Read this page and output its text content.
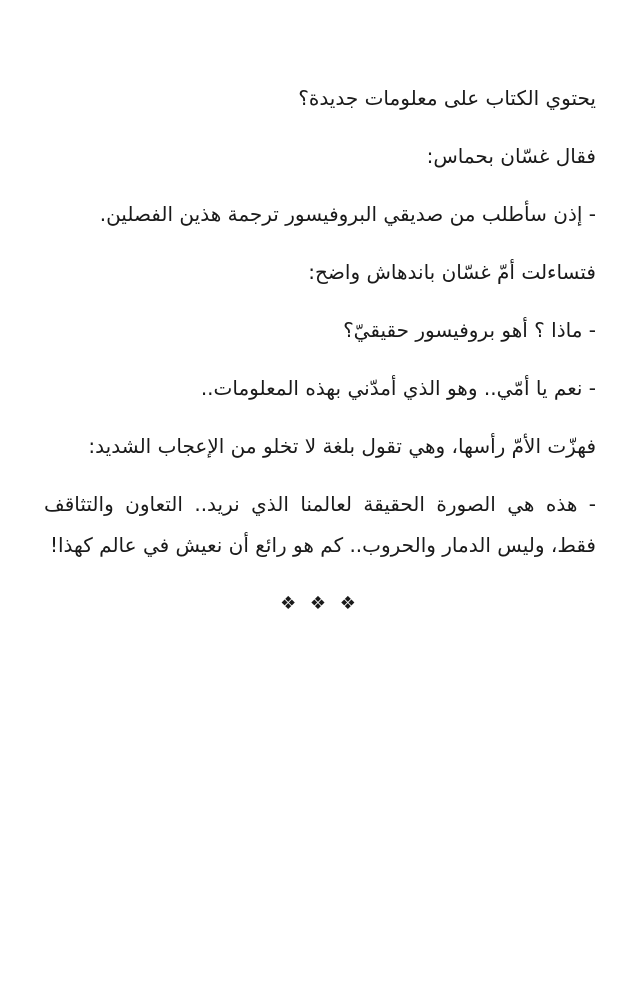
يحتوي الكتاب على معلومات جديدة؟

فقال غسّان بحماس:

- إذن سأطلب من صديقي البروفيسور ترجمة هذين الفصلين.

فتساءلت أمّ غسّان باندهاش واضح:

- ماذا ؟ أهو بروفيسور حقيقيّ؟

- نعم يا أمّي.. وهو الذي أمدّني بهذه المعلومات..

فهزّت الأمّ رأسها، وهي تقول بلغة لا تخلو من الإعجاب الشديد:

- هذه هي الصورة الحقيقة لعالمنا الذي نريد.. التعاون والتثاقف فقط، وليس الدمار والحروب.. كم هو رائع أن نعيش في عالم كهذا!

❖ ❖ ❖
